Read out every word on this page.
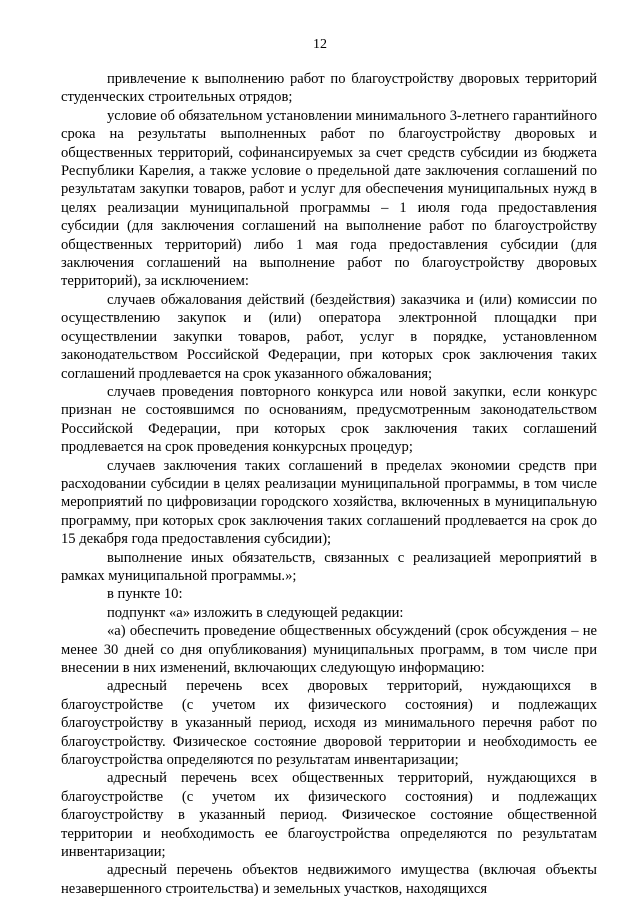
12

привлечение к выполнению работ по благоустройству дворовых территорий студенческих строительных отрядов;

условие об обязательном установлении минимального 3-летнего гарантийного срока на результаты выполненных работ по благоустройству дворовых и общественных территорий, софинансируемых за счет средств субсидии из бюджета Республики Карелия, а также условие о предельной дате заключения соглашений по результатам закупки товаров, работ и услуг для обеспечения муниципальных нужд в целях реализации муниципальной программы – 1 июля года предоставления субсидии (для заключения соглашений на выполнение работ по благоустройству общественных территорий) либо 1 мая года предоставления субсидии (для заключения соглашений на выполнение работ по благоустройству дворовых территорий), за исключением:

случаев обжалования действий (бездействия) заказчика и (или) комиссии по осуществлению закупок и (или) оператора электронной площадки при осуществлении закупки товаров, работ, услуг в порядке, установленном законодательством Российской Федерации, при которых срок заключения таких соглашений продлевается на срок указанного обжалования;

случаев проведения повторного конкурса или новой закупки, если конкурс признан не состоявшимся по основаниям, предусмотренным законодательством Российской Федерации, при которых срок заключения таких соглашений продлевается на срок проведения конкурсных процедур;

случаев заключения таких соглашений в пределах экономии средств при расходовании субсидии в целях реализации муниципальной программы, в том числе мероприятий по цифровизации городского хозяйства, включенных в муниципальную программу, при которых срок заключения таких соглашений продлевается на срок до 15 декабря года предоставления субсидии);

выполнение иных обязательств, связанных с реализацией мероприятий в рамках муниципальной программы.»;

в пункте 10:

подпункт «а» изложить в следующей редакции:

«а) обеспечить проведение общественных обсуждений (срок обсуждения – не менее 30 дней со дня опубликования) муниципальных программ, в том числе при внесении в них изменений, включающих следующую информацию:

адресный перечень всех дворовых территорий, нуждающихся в благоустройстве (с учетом их физического состояния) и подлежащих благоустройству в указанный период, исходя из минимального перечня работ по благоустройству. Физическое состояние дворовой территории и необходимость ее благоустройства определяются по результатам инвентаризации;

адресный перечень всех общественных территорий, нуждающихся в благоустройстве (с учетом их физического состояния) и подлежащих благоустройству в указанный период. Физическое состояние общественной территории и необходимость ее благоустройства определяются по результатам инвентаризации;

адресный перечень объектов недвижимого имущества (включая объекты незавершенного строительства) и земельных участков, находящихся
